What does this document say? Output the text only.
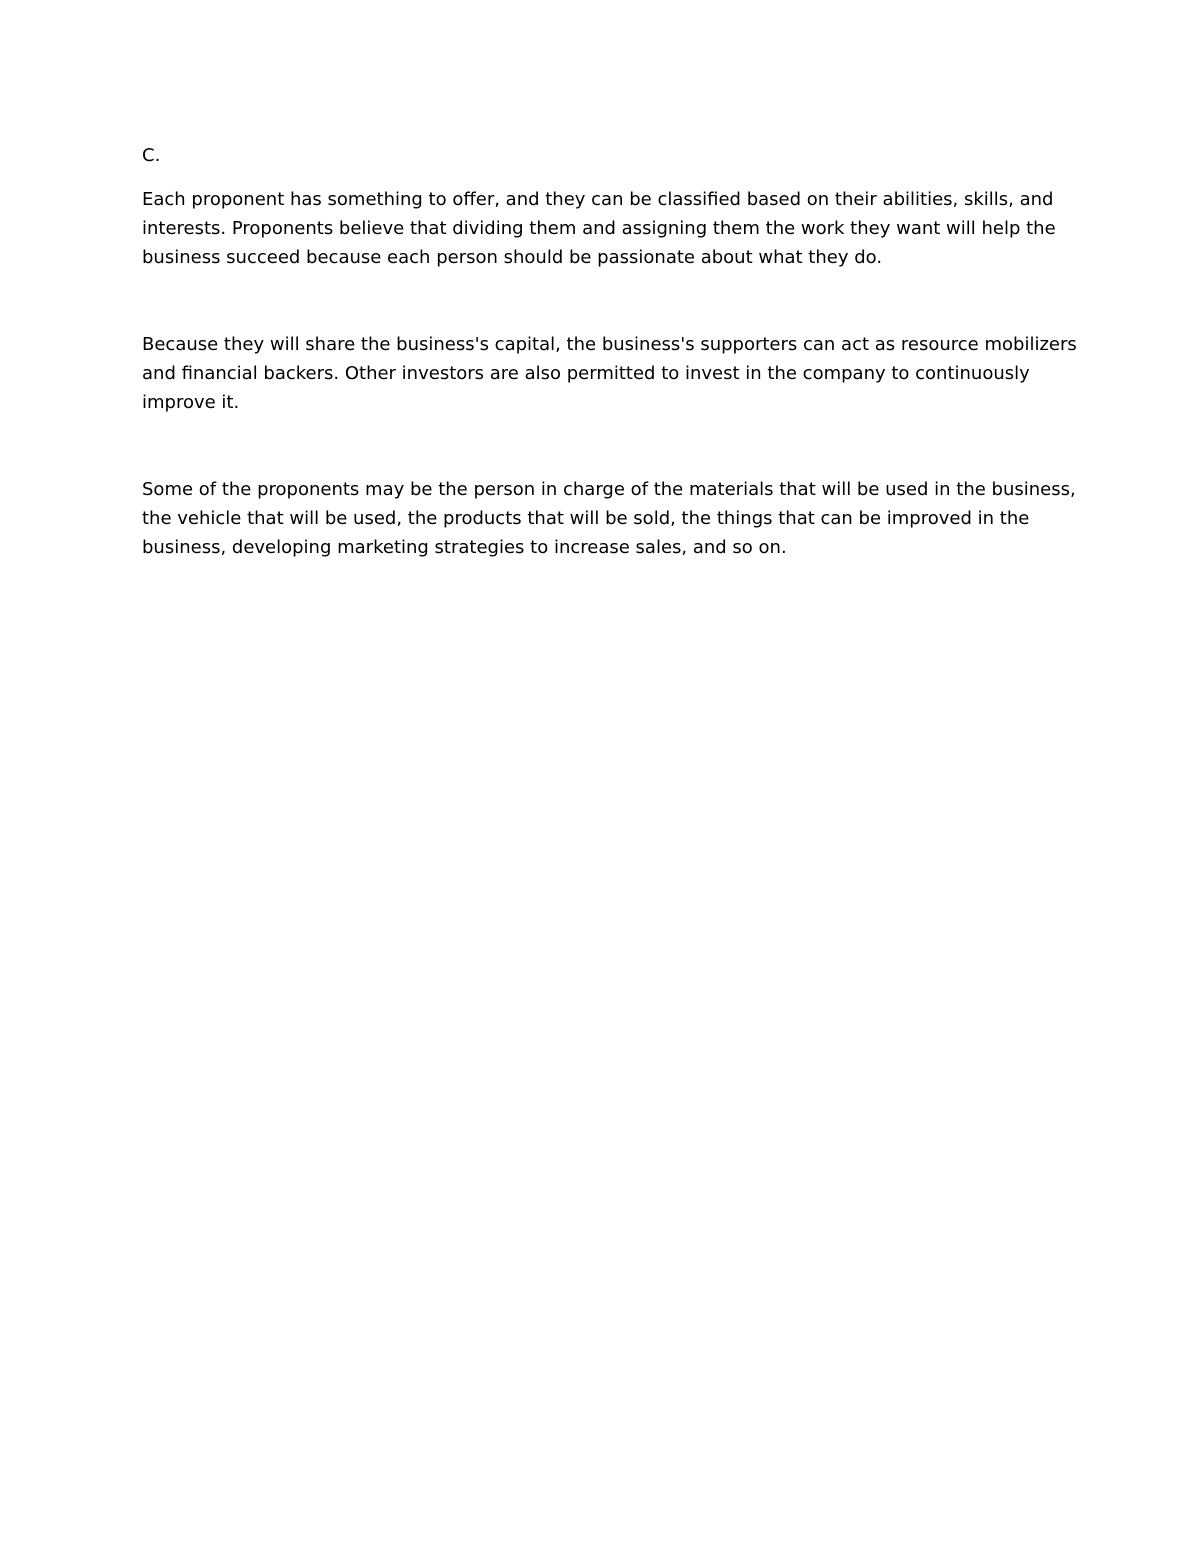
C.
Each proponent has something to offer, and they can be classified based on their abilities, skills, and
interests. Proponents believe that dividing them and assigning them the work they want will help the
business succeed because each person should be passionate about what they do.
Because they will share the business's capital, the business's supporters can act as resource mobilizers
and financial backers. Other investors are also permitted to invest in the company to continuously
improve it.
Some of the proponents may be the person in charge of the materials that will be used in the business,
the vehicle that will be used, the products that will be sold, the things that can be improved in the
business, developing marketing strategies to increase sales, and so on.
